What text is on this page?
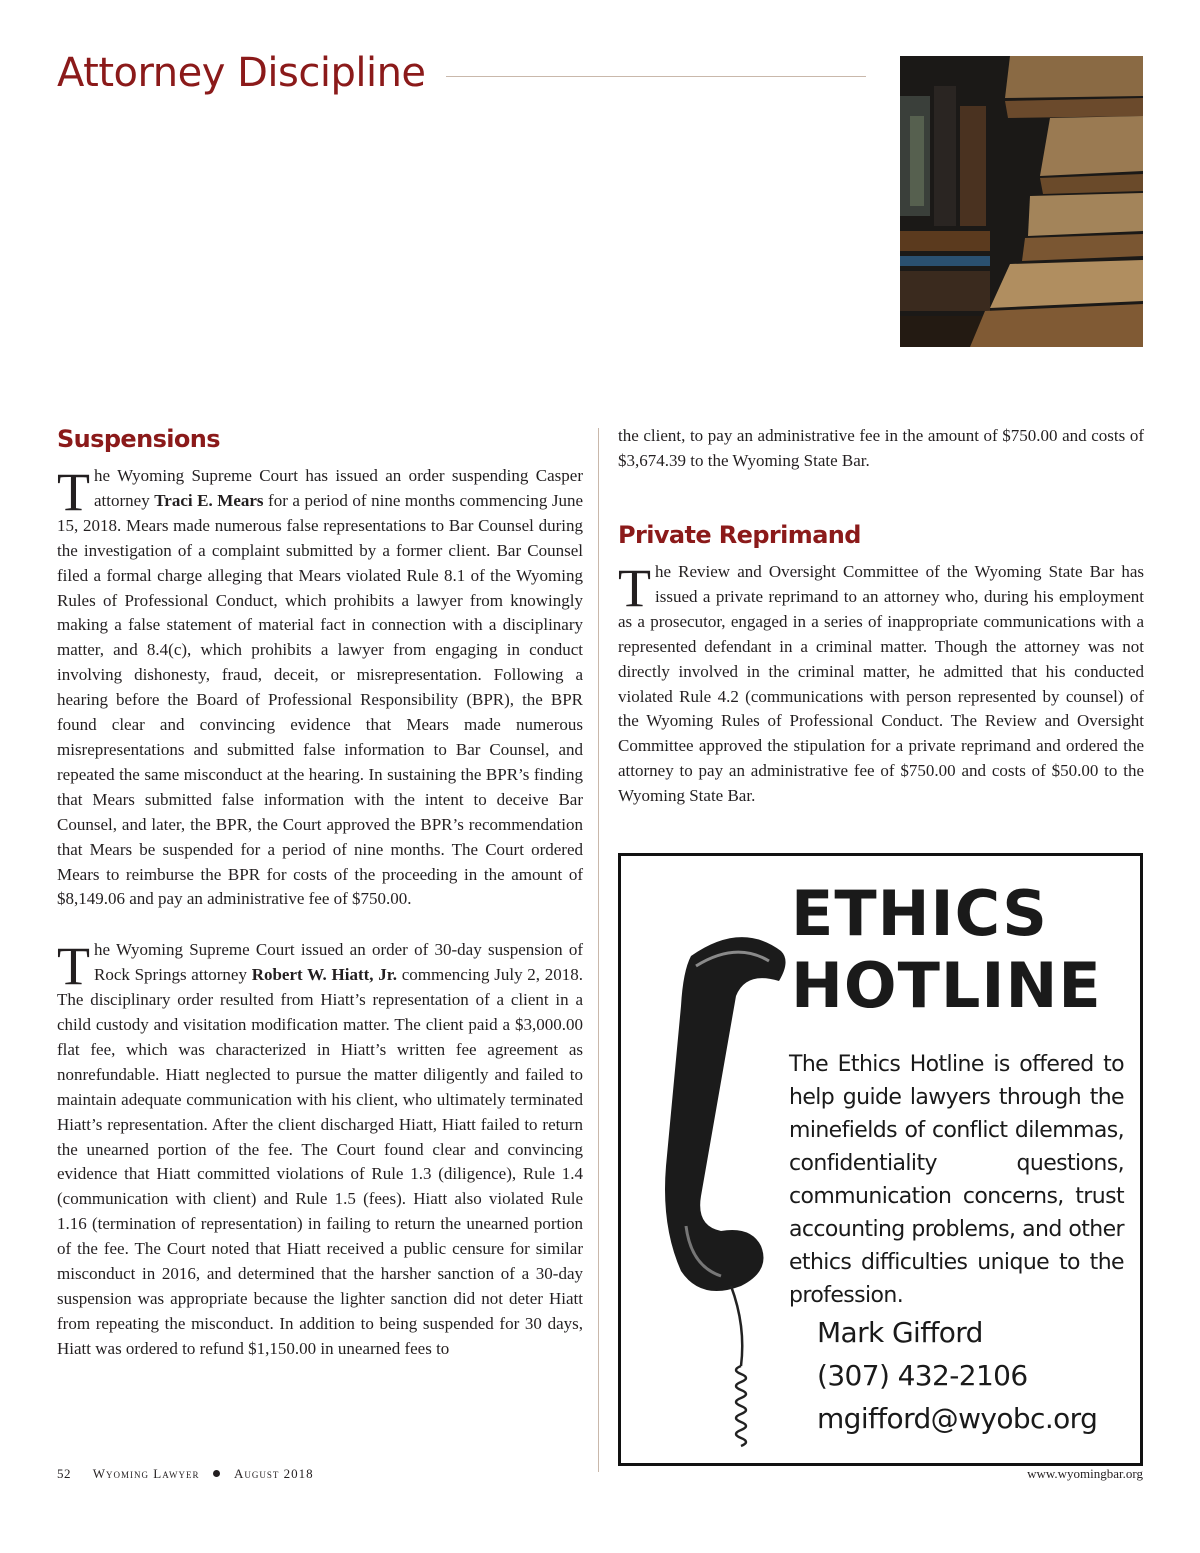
Attorney Discipline
Suspensions

The Wyoming Supreme Court has issued an order suspending Casper attorney Traci E. Mears for a period of nine months commencing June 15, 2018. Mears made numerous false representations to Bar Counsel during the investigation of a complaint submitted by a former client. Bar Counsel filed a formal charge alleging that Mears violated Rule 8.1 of the Wyoming Rules of Professional Conduct, which prohibits a lawyer from knowingly making a false statement of material fact in connection with a disciplinary matter, and 8.4(c), which prohibits a lawyer from engaging in conduct involving dishonesty, fraud, deceit, or misrepresentation. Following a hearing before the Board of Professional Responsibility (BPR), the BPR found clear and convincing evidence that Mears made numerous misrepresentations and submitted false information to Bar Counsel, and repeated the same misconduct at the hearing. In sustaining the BPR’s finding that Mears submitted false information with the intent to deceive Bar Counsel, and later, the BPR, the Court approved the BPR’s recommendation that Mears be suspended for a period of nine months. The Court ordered Mears to reimburse the BPR for costs of the proceeding in the amount of $8,149.06 and pay an administrative fee of $750.00.

The Wyoming Supreme Court issued an order of 30-day suspension of Rock Springs attorney Robert W. Hiatt, Jr. commencing July 2, 2018. The disciplinary order resulted from Hiatt’s representation of a client in a child custody and visitation modification matter. The client paid a $3,000.00 flat fee, which was characterized in Hiatt’s written fee agreement as nonrefundable. Hiatt neglected to pursue the matter diligently and failed to maintain adequate communication with his client, who ultimately terminated Hiatt’s representation. After the client discharged Hiatt, Hiatt failed to return the unearned portion of the fee. The Court found clear and convincing evidence that Hiatt committed violations of Rule 1.3 (diligence), Rule 1.4 (communication with client) and Rule 1.5 (fees). Hiatt also violated Rule 1.16 (termination of representation) in failing to return the unearned portion of the fee. The Court noted that Hiatt received a public censure for similar misconduct in 2016, and determined that the harsher sanction of a 30-day suspension was appropriate because the lighter sanction did not deter Hiatt from repeating the misconduct. In addition to being suspended for 30 days, Hiatt was ordered to refund $1,150.00 in unearned fees to

the client, to pay an administrative fee in the amount of $750.00 and costs of $3,674.39 to the Wyoming State Bar.

Private Reprimand

The Review and Oversight Committee of the Wyoming State Bar has issued a private reprimand to an attorney who, during his employment as a prosecutor, engaged in a series of inappropriate communications with a represented defendant in a criminal matter. Though the attorney was not directly involved in the criminal matter, he admitted that his conducted violated Rule 4.2 (communications with person represented by counsel) of the Wyoming Rules of Professional Conduct. The Review and Oversight Committee approved the stipulation for a private reprimand and ordered the attorney to pay an administrative fee of $750.00 and costs of $50.00 to the Wyoming State Bar.

ETHICS
HOTLINE

The Ethics Hotline is offered to help guide lawyers through the minefields of conflict dilemmas, confidentiality questions, communication concerns, trust accounting problems, and other ethics difficulties unique to the profession.

Mark Gifford
(307) 432-2106
mgifford@wyobc.org
52 Wyoming Lawyer	August 2018	www.wyomingbar.org
